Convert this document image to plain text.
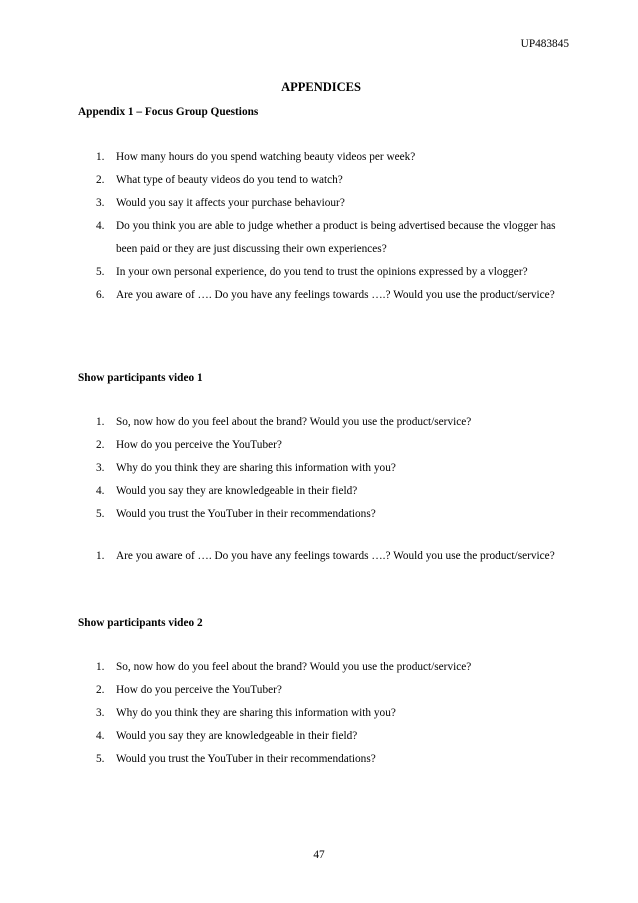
UP483845
APPENDICES
Appendix 1 – Focus Group Questions
1. How many hours do you spend watching beauty videos per week?
2. What type of beauty videos do you tend to watch?
3. Would you say it affects your purchase behaviour?
4. Do you think you are able to judge whether a product is being advertised because the vlogger has been paid or they are just discussing their own experiences?
5. In your own personal experience, do you tend to trust the opinions expressed by a vlogger?
6. Are you aware of …. Do you have any feelings towards ….? Would you use the product/service?
Show participants video 1
1. So, now how do you feel about the brand? Would you use the product/service?
2. How do you perceive the YouTuber?
3. Why do you think they are sharing this information with you?
4. Would you say they are knowledgeable in their field?
5. Would you trust the YouTuber in their recommendations?
1. Are you aware of …. Do you have any feelings towards ….? Would you use the product/service?
Show participants video 2
1. So, now how do you feel about the brand? Would you use the product/service?
2. How do you perceive the YouTuber?
3. Why do you think they are sharing this information with you?
4. Would you say they are knowledgeable in their field?
5. Would you trust the YouTuber in their recommendations?
47
